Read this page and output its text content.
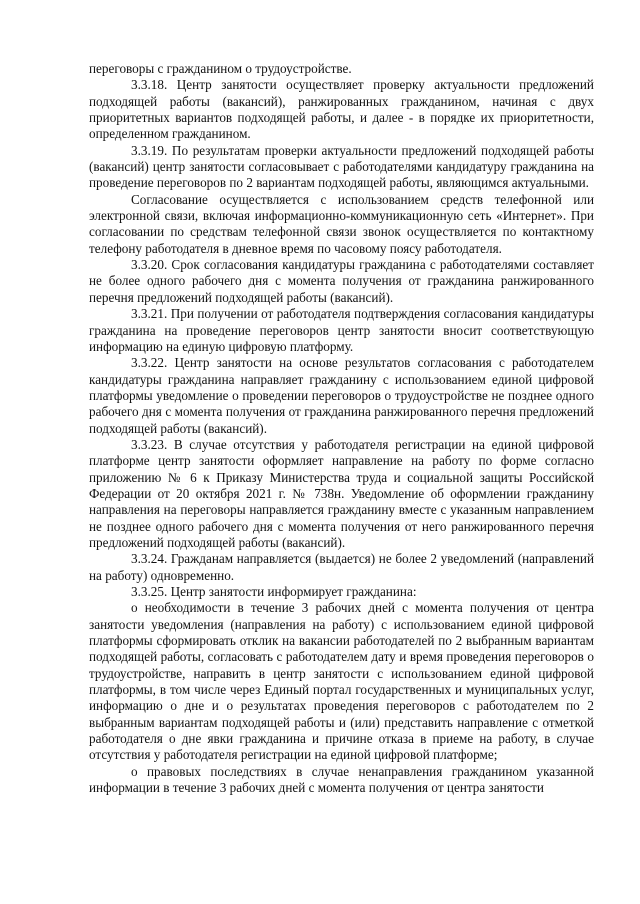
переговоры с гражданином о трудоустройстве.

3.3.18. Центр занятости осуществляет проверку актуальности предложений подходящей работы (вакансий), ранжированных гражданином, начиная с двух приоритетных вариантов подходящей работы, и далее - в порядке их приоритетности, определенном гражданином.

3.3.19. По результатам проверки актуальности предложений подходящей работы (вакансий) центр занятости согласовывает с работодателями кандидатуру гражданина на проведение переговоров по 2 вариантам подходящей работы, являющимся актуальными.

Согласование осуществляется с использованием средств телефонной или электронной связи, включая информационно-коммуникационную сеть «Интернет». При согласовании по средствам телефонной связи звонок осуществляется по контактному телефону работодателя в дневное время по часовому поясу работодателя.

3.3.20. Срок согласования кандидатуры гражданина с работодателями составляет не более одного рабочего дня с момента получения от гражданина ранжированного перечня предложений подходящей работы (вакансий).

3.3.21. При получении от работодателя подтверждения согласования кандидатуры гражданина на проведение переговоров центр занятости вносит соответствующую информацию на единую цифровую платформу.

3.3.22. Центр занятости на основе результатов согласования с работодателем кандидатуры гражданина направляет гражданину с использованием единой цифровой платформы уведомление о проведении переговоров о трудоустройстве не позднее одного рабочего дня с момента получения от гражданина ранжированного перечня предложений подходящей работы (вакансий).

3.3.23. В случае отсутствия у работодателя регистрации на единой цифровой платформе центр занятости оформляет направление на работу по форме согласно приложению № 6 к Приказу Министерства труда и социальной защиты Российской Федерации от 20 октября 2021 г. № 738н. Уведомление об оформлении гражданину направления на переговоры направляется гражданину вместе с указанным направлением не позднее одного рабочего дня с момента получения от него ранжированного перечня предложений подходящей работы (вакансий).

3.3.24. Гражданам направляется (выдается) не более 2 уведомлений (направлений на работу) одновременно.

3.3.25. Центр занятости информирует гражданина:

о необходимости в течение 3 рабочих дней с момента получения от центра занятости уведомления (направления на работу) с использованием единой цифровой платформы сформировать отклик на вакансии работодателей по 2 выбранным вариантам подходящей работы, согласовать с работодателем дату и время проведения переговоров о трудоустройстве, направить в центр занятости с использованием единой цифровой платформы, в том числе через Единый портал государственных и муниципальных услуг, информацию о дне и о результатах проведения переговоров с работодателем по 2 выбранным вариантам подходящей работы и (или) представить направление с отметкой работодателя о дне явки гражданина и причине отказа в приеме на работу, в случае отсутствия у работодателя регистрации на единой цифровой платформе;

о правовых последствиях в случае ненаправления гражданином указанной информации в течение 3 рабочих дней с момента получения от центра занятости
